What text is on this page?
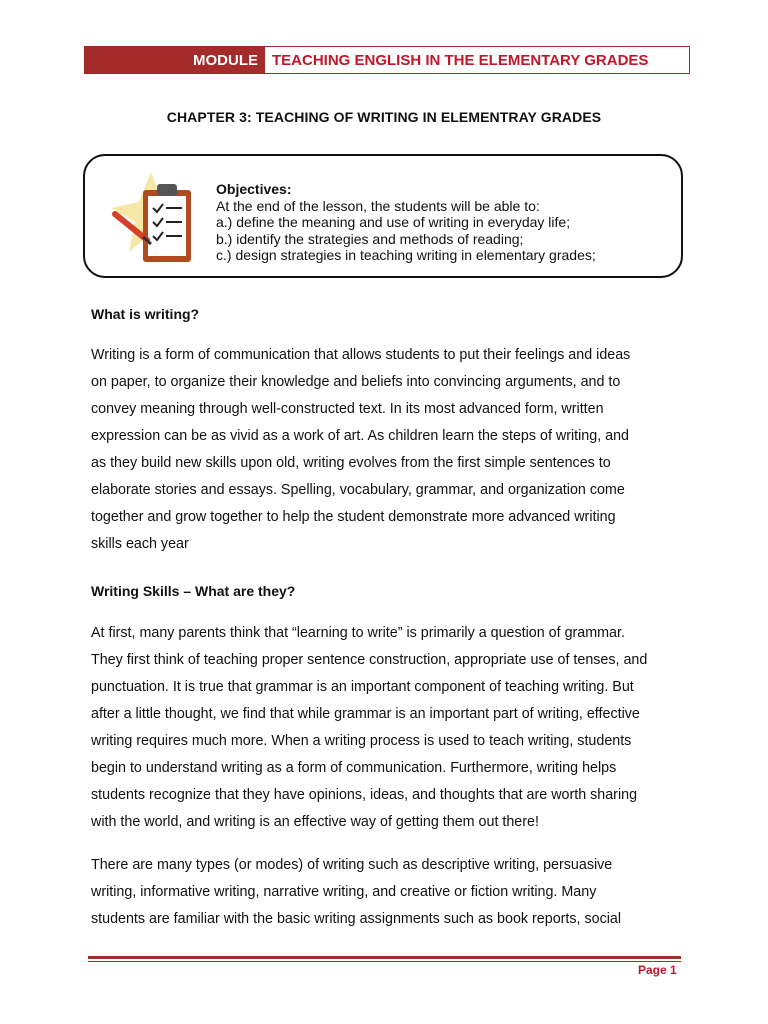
MODULE TEACHING ENGLISH IN THE ELEMENTARY GRADES
CHAPTER 3: TEACHING OF WRITING IN ELEMENTRAY GRADES
Objectives:
At the end of the lesson, the students will be able to:
a.) define the meaning and use of writing in everyday life;
b.) identify the strategies and methods of reading;
c.) design strategies in teaching writing in elementary grades;
What is writing?
Writing is a form of communication that allows students to put their feelings and ideas
on paper, to organize their knowledge and beliefs into convincing arguments, and to
convey meaning through well-constructed text. In its most advanced form, written
expression can be as vivid as a work of art. As children learn the steps of writing, and
as they build new skills upon old, writing evolves from the first simple sentences to
elaborate stories and essays. Spelling, vocabulary, grammar, and organization come
together and grow together to help the student demonstrate more advanced writing
skills each year
Writing Skills – What are they?
At first, many parents think that “learning to write” is primarily a question of grammar.
They first think of teaching proper sentence construction, appropriate use of tenses, and
punctuation. It is true that grammar is an important component of teaching writing. But
after a little thought, we find that while grammar is an important part of writing, effective
writing requires much more. When a writing process is used to teach writing, students
begin to understand writing as a form of communication. Furthermore, writing helps
students recognize that they have opinions, ideas, and thoughts that are worth sharing
with the world, and writing is an effective way of getting them out there!
There are many types (or modes) of writing such as descriptive writing, persuasive
writing, informative writing, narrative writing, and creative or fiction writing. Many
students are familiar with the basic writing assignments such as book reports, social
Page 1
